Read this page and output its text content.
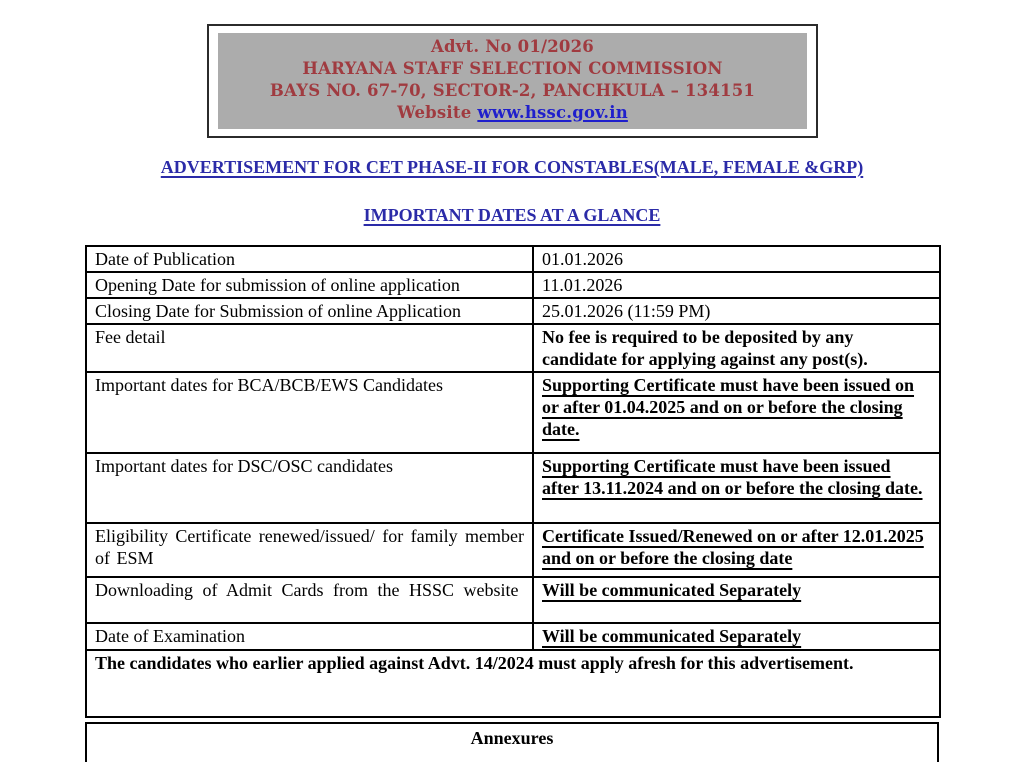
Advt. No 01/2026
HARYANA STAFF SELECTION COMMISSION
BAYS NO. 67-70, SECTOR-2, PANCHKULA – 134151
Website www.hssc.gov.in
ADVERTISEMENT FOR CET PHASE-II FOR CONSTABLES(MALE, FEMALE &GRP)
IMPORTANT DATES AT A GLANCE
Date of Publication	01.01.2026
Opening Date for submission of online application	11.01.2026
Closing Date for Submission of online Application	25.01.2026 (11:59 PM)
Fee detail	No fee is required to be deposited by any candidate for applying against any post(s).
Important dates for BCA/BCB/EWS Candidates	Supporting Certificate must have been issued on or after 01.04.2025 and on or before the closing date.
Important dates for DSC/OSC candidates	Supporting Certificate must have been issued after 13.11.2024 and on or before the closing date.
Eligibility Certificate renewed/issued/ for family member of ESM	Certificate Issued/Renewed on or after 12.01.2025 and on or before the closing date
Downloading of Admit Cards from the HSSC website	Will be communicated Separately
Date of Examination	Will be communicated Separately
The candidates who earlier applied against Advt. 14/2024 must apply afresh for this advertisement.	
Annexures
